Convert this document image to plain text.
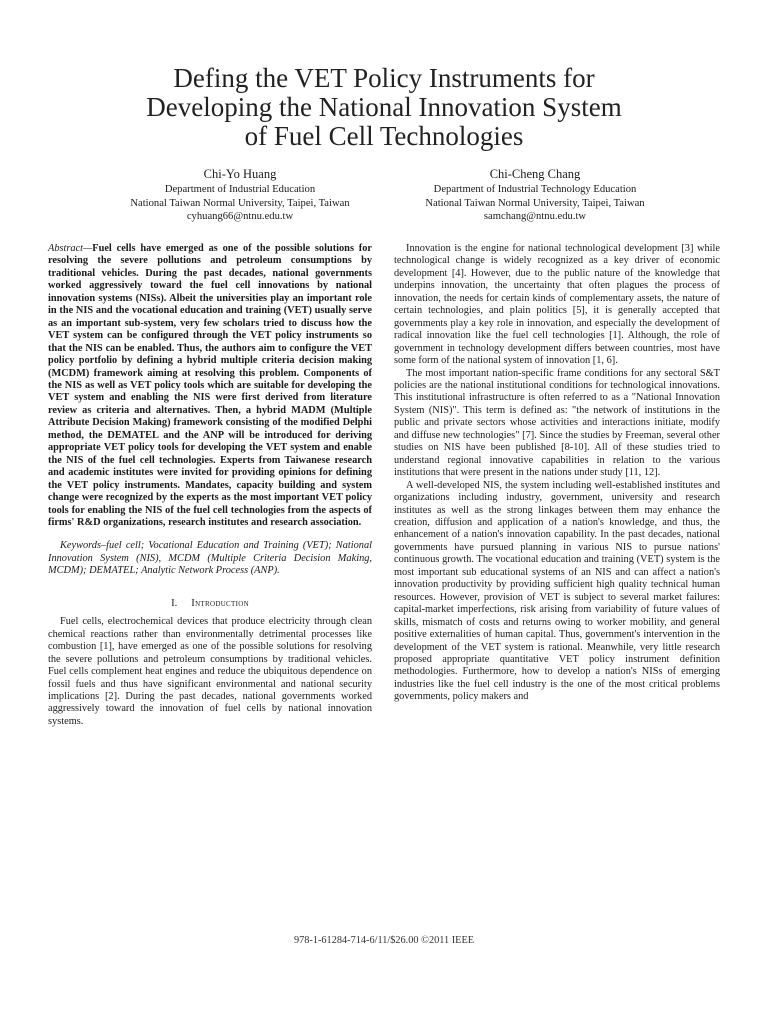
Defing the VET Policy Instruments for
Developing the National Innovation System
of Fuel Cell Technologies
Chi-Yo Huang
Department of Industrial Education
National Taiwan Normal University, Taipei, Taiwan
cyhuang66@ntnu.edu.tw
Chi-Cheng Chang
Department of Industrial Technology Education
National Taiwan Normal University, Taipei, Taiwan
samchang@ntnu.edu.tw

Abstract—Fuel cells have emerged as one of the possible solutions for resolving the severe pollutions and petroleum consumptions by traditional vehicles. During the past decades, national governments worked aggressively toward the fuel cell innovations by national innovation systems (NISs). Albeit the universities play an important role in the NIS and the vocational education and training (VET) usually serve as an important sub-system, very few scholars tried to discuss how the VET system can be configured through the VET policy instruments so that the NIS can be enabled. Thus, the authors aim to configure the VET policy portfolio by defining a hybrid multiple criteria decision making (MCDM) framework aiming at resolving this problem. Components of the NIS as well as VET policy tools which are suitable for developing the VET system and enabling the NIS were first derived from literature review as criteria and alternatives. Then, a hybrid MADM (Multiple Attribute Decision Making) framework consisting of the modified Delphi method, the DEMATEL and the ANP will be introduced for deriving appropriate VET policy tools for developing the VET system and enable the NIS of the fuel cell technologies. Experts from Taiwanese research and academic institutes were invited for providing opinions for defining the VET policy instruments. Mandates, capacity building and system change were recognized by the experts as the most important VET policy tools for enabling the NIS of the fuel cell technologies from the aspects of firms' R&D organizations, research institutes and research association.

Keywords–fuel cell; Vocational Education and Training (VET); National Innovation System (NIS), MCDM (Multiple Criteria Decision Making, MCDM); DEMATEL; Analytic Network Process (ANP).

I. Introduction

Fuel cells, electrochemical devices that produce electricity through clean chemical reactions rather than environmentally detrimental processes like combustion [1], have emerged as one of the possible solutions for resolving the severe pollutions and petroleum consumptions by traditional vehicles. Fuel cells complement heat engines and reduce the ubiquitous dependence on fossil fuels and thus have significant environmental and national security implications [2]. During the past decades, national governments worked aggressively toward the innovation of fuel cells by national innovation systems.

Innovation is the engine for national technological development [3] while technological change is widely recognized as a key driver of economic development [4]. However, due to the public nature of the knowledge that underpins innovation, the uncertainty that often plagues the process of innovation, the needs for certain kinds of complementary assets, the nature of certain technologies, and plain politics [5], it is generally accepted that governments play a key role in innovation, and especially the development of radical innovation like the fuel cell technologies [1]. Although, the role of government in technology development differs between countries, most have some form of the national system of innovation [1, 6].

The most important nation-specific frame conditions for any sectoral S&T policies are the national institutional conditions for technological innovations. This institutional infrastructure is often referred to as a "National Innovation System (NIS)". This term is defined as: "the network of institutions in the public and private sectors whose activities and interactions initiate, modify and diffuse new technologies" [7]. Since the studies by Freeman, several other studies on NIS have been published [8-10]. All of these studies tried to understand regional innovative capabilities in relation to the various institutions that were present in the nations under study [11, 12].

A well-developed NIS, the system including well-established institutes and organizations including industry, government, university and research institutes as well as the strong linkages between them may enhance the creation, diffusion and application of a nation's knowledge, and thus, the enhancement of a nation's innovation capability. In the past decades, national governments have pursued planning in various NIS to pursue nations' continuous growth. The vocational education and training (VET) system is the most important sub educational systems of an NIS and can affect a nation's innovation productivity by providing sufficient high quality technical human resources. However, provision of VET is subject to several market failures: capital-market imperfections, risk arising from variability of future values of skills, mismatch of costs and returns owing to worker mobility, and general positive externalities of human capital. Thus, government's intervention in the development of the VET system is rational. Meanwhile, very little research proposed appropriate quantitative VET policy instrument definition methodologies. Furthermore, how to develop a nation's NISs of emerging industries like the fuel cell industry is the one of the most critical problems governments, policy makers and

978-1-61284-714-6/11/$26.00 ©2011 IEEE
